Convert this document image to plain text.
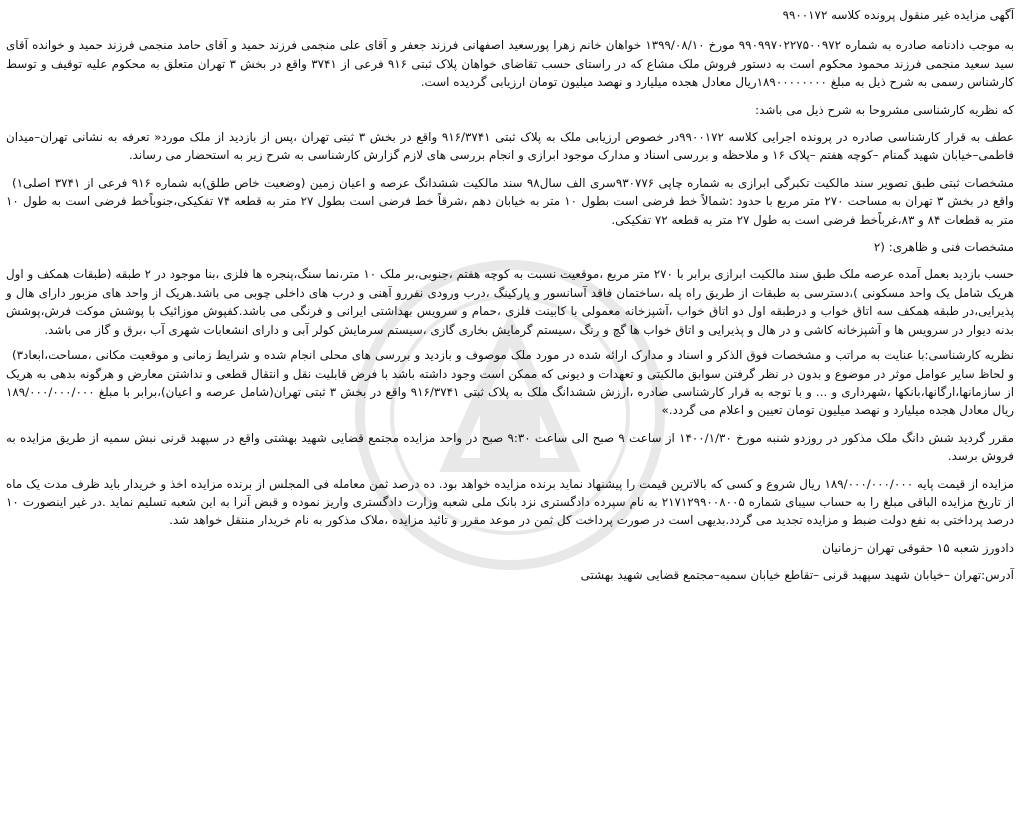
آگهی مزایده غیر منقول پرونده کلاسه ۹۹۰۰۱۷۲

به موجب دادنامه صادره به شماره ۹۹۰۹۹۷۰۲۲۷۵۰۰۹۷۲ مورخ ۱۳۹۹/۰۸/۱۰ خواهان خانم زهرا پورسعید اصفهانی فرزند جعفر و آقای علی منجمی فرزند حمید و آقای حامد منجمی فرزند حمید و خوانده آقای سید سعید منجمی فرزند محمود محکوم است به دستور فروش ملک مشاع که در راستای حسب تقاضای خواهان پلاک ثبتی ۹۱۶ فرعی از ۳۷۴۱ واقع در بخش ۳ تهران متعلق به محکوم علیه توقیف و توسط کارشناس رسمی به شرح ذیل به مبلغ ۱۸۹۰۰۰۰۰۰۰۰ریال معادل هجده میلیارد و نهصد میلیون تومان ارزیابی گردیده است.

که نظریه کارشناسی مشروحا به شرح ذیل می باشد:

عطف به قرار کارشناسی صادره در پرونده اجرایی کلاسه ۹۹۰۰۱۷۲در خصوص ارزیابی ملک به پلاک ثبتی ۹۱۶/۳۷۴۱ واقع در بخش ۳ ثبتی تهران ،پس از بازدید از ملک مورد« تعرفه به نشانی تهران–میدان فاطمی–خیابان شهید گمنام –کوچه هفتم –پلاک ۱۶ و ملاحظه و بررسی اسناد و مدارک موجود ابرازی و انجام بررسی های لازم گزارش کارشناسی به شرح زیر به استحضار می رساند.

(۱ مشخصات ثبتی طبق تصویر سند مالکیت تکبرگی ابرازی به شماره چاپی ۹۳۰۷۷۶سری الف سال۹۸ سند مالکیت ششدانگ عرصه و اعیان زمین (وضعیت خاص طلق)به شماره ۹۱۶ فرعی از ۳۷۴۱ اصلی واقع در بخش ۳ تهران به مساحت ۲۷۰ متر مربع با حدود :شمالاً خط فرضی است بطول ۱۰ متر به خیابان دهم ،شرقاً خط فرضی است بطول ۲۷ متر به قطعه ۷۴ تفکیکی،جنوباًخط فرضی است به طول ۱۰ متر به قطعات ۸۴ و ۸۳،غرباًخط فرضی است به طول ۲۷ متر به قطعه ۷۲ تفکیکی.

مشخصات فنی و ظاهری: (۲

حسب بازدید بعمل آمده عرصه ملک طبق سند مالکیت ابرازی برابر با ۲۷۰ متر مربع ،موقعیت نسبت به کوچه هفتم ،جنوبی،بر ملک ۱۰ متر،نما سنگ،پنجره ها فلزی ،بنا موجود در ۲ طبقه (طبقات همکف و اول هریک شامل یک واحد مسکونی )،دسترسی به طبقات از طریق راه پله ،ساختمان فاقد آسانسور و پارکینگ ،درب ورودی نفررو آهنی و درب های داخلی چوبی می باشد.هریک از واحد های مزبور دارای هال و پذیرایی،در طبقه همکف سه اتاق خواب و درطبقه اول دو اتاق خواب ،آشپزخانه معمولی با کابینت فلزی ،حمام و سرویس بهداشتی ایرانی و فرنگی می باشد.کفپوش موزائیک با پوشش موکت فرش،پوشش بدنه دیوار در سرویس ها و آشپزخانه کاشی و در هال و پذیرایی و اتاق خواب ها گچ و رنگ ،سیستم گرمایش بخاری گازی ،سیستم سرمایش کولر آبی و دارای انشعابات شهری آب ،برق و گاز می باشد.

(۳ نظریه کارشناسی:با عنایت به مراتب و مشخصات فوق الذکر و اسناد و مدارک ارائه شده در مورد ملک موصوف و بازدید و بررسی های محلی انجام شده و شرایط زمانی و موقعیت مکانی ،مساحت،ابعاد و لحاظ سایر عوامل موثر در موضوع و بدون در نظر گرفتن سوابق مالکیتی و تعهدات و دیونی که ممکن است وجود داشته باشد با فرض قابلیت نقل و انتقال قطعی و نداشتن معارض و هرگونه بدهی به هریک از سازمانها،ارگانها،بانکها ،شهرداری و ... و با توجه به قرار کارشناسی صادره ،ارزش ششدانگ ملک به پلاک ثبتی ۹۱۶/۳۷۴۱ واقع در بخش ۳ ثبتی تهران(شامل عرصه و اعیان)،برابر با مبلغ ۱۸۹/۰۰۰/۰۰۰/۰۰۰ ریال معادل هجده میلیارد و نهصد میلیون تومان تعیین و اعلام می گردد.»

مقرر گردید شش دانگ ملک مذکور در روزدو شنبه مورخ ۱۴۰۰/۱/۳۰ از ساعت ۹ صبح الی ساعت ۹:۳۰ صبح در واحد مزایده مجتمع قضایی شهید بهشتی واقع در سپهبد قرنی نبش سمیه از طریق مزایده به فروش برسد.

مزایده از قیمت پایه ۱۸۹/۰۰۰/۰۰۰/۰۰۰ ریال شروع و کسی که بالاترین قیمت را پیشنهاد نماید برنده مزایده خواهد بود. ده درصد ثمن معامله فی المجلس از برنده مزایده اخذ و خریدار باید ظرف مدت یک ماه از تاریخ مزایده الباقی مبلغ را به حساب سیبای شماره ۲۱۷۱۲۹۹۰۰۸۰۰۵ به نام سپرده دادگستری نزد بانک ملی شعبه وزارت دادگستری واریز نموده و قبض آنرا به این شعبه تسلیم نماید .در غیر اینصورت ۱۰ درصد پرداختی به نفع دولت ضبط و مزایده تجدید می گردد.بدیهی است در صورت پرداخت کل ثمن در موعد مقرر و تائید مزایده ،ملاک مذکور به نام خریدار منتقل خواهد شد.

دادورز شعبه ۱۵ حقوقی تهران –زمانیان

آدرس:تهران –خیابان شهید سپهبد قرنی –تقاطع خیابان سمیه–مجتمع قضایی شهید بهشتی
